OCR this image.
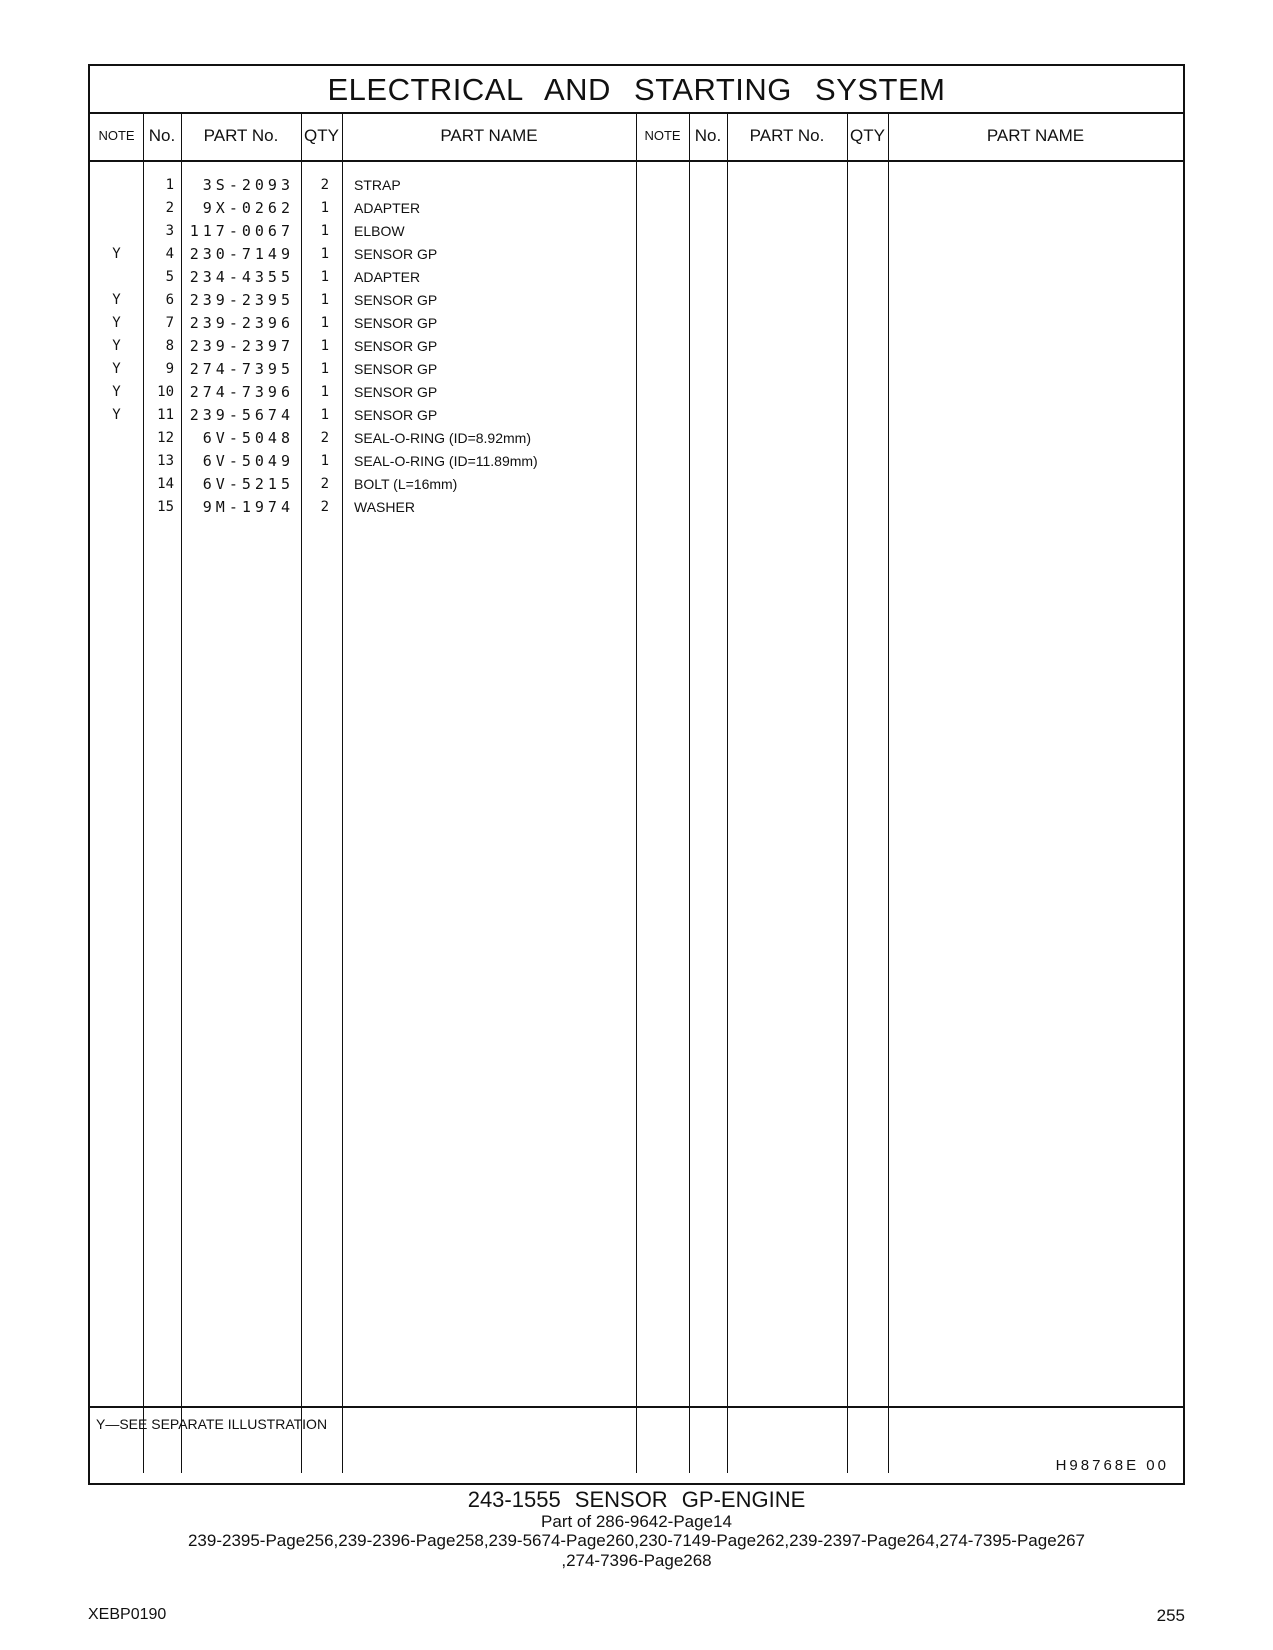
ELECTRICAL AND STARTING SYSTEM
NOTE No.	PART No.	QTY	PART NAME	NOTE No.	PART No.	QTY	PART NAME
1	3S-2093	2 STRAP
2	9X-0262	1 ADAPTER
3	117-0067	1 ELBOW
Y	4	230-7149	1 SENSOR GP
5	234-4355	1 ADAPTER
Y	6	239-2395	1 SENSOR GP
Y	7	239-2396	1 SENSOR GP
Y	8	239-2397	1 SENSOR GP
Y	9	274-7395	1 SENSOR GP
Y	10	274-7396	1 SENSOR GP
Y	11	239-5674	1 SENSOR GP
12	6V-5048	2 SEAL-O-RING (ID=8.92mm)
13	6V-5049	1 SEAL-O-RING (ID=11.89mm)
14	6V-5215	2 BOLT (L=16mm)
15	9M-1974	2 WASHER
Y—SEE SEPARATE ILLUSTRATION
H98768E 00
243-1555 SENSOR GP-ENGINE
Part of 286-9642-Page14
239-2395-Page256,239-2396-Page258,239-5674-Page260,230-7149-Page262,239-2397-Page264,274-7395-Page267
,274-7396-Page268
XEBP0190	255
